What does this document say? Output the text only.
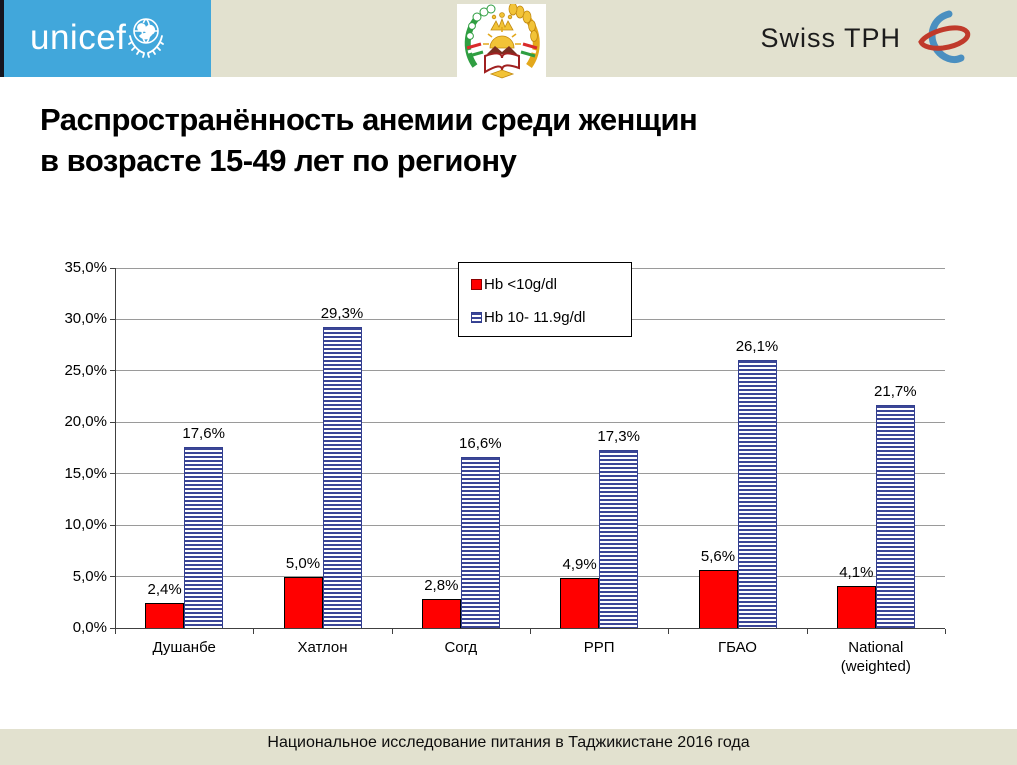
unicef	Swiss TPH
Распространённость анемии среди женщин
в возрасте 15-49 лет по региону
0,0%
5,0%
10,0%
15,0%
20,0%
25,0%
30,0%
35,0%
Душанбе
2,4%
17,6%
Хатлон
5,0%
29,3%
Согд
2,8%
16,6%
РРП
4,9%
17,3%
ГБАО
5,6%
26,1%
National (weighted)
4,1%
21,7%
Hb <10g/dl
Hb 10- 11.9g/dl
Национальное исследование питания в Таджикистане 2016 года
